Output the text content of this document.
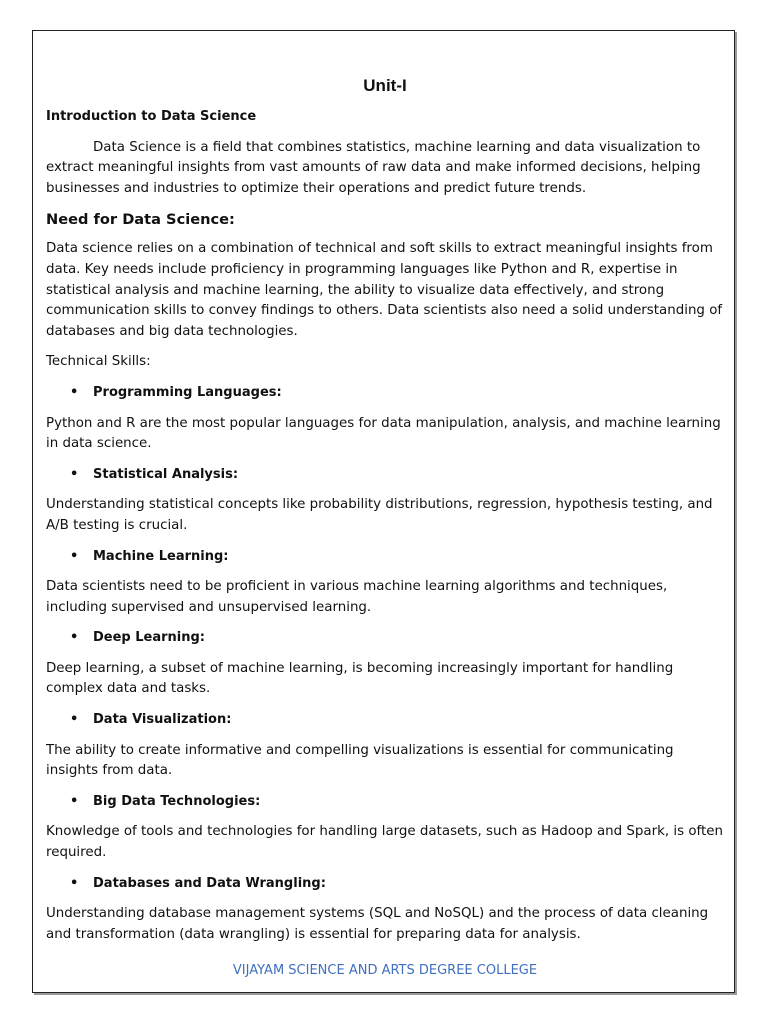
Unit-I
Introduction to Data Science
Data Science is a field that combines statistics, machine learning and data visualization to extract meaningful insights from vast amounts of raw data and make informed decisions, helping businesses and industries to optimize their operations and predict future trends.
Need for Data Science:
Data science relies on a combination of technical and soft skills to extract meaningful insights from data. Key needs include proficiency in programming languages like Python and R, expertise in statistical analysis and machine learning, the ability to visualize data effectively, and strong communication skills to convey findings to others. Data scientists also need a solid understanding of databases and big data technologies.
Technical Skills:
• Programming Languages:
Python and R are the most popular languages for data manipulation, analysis, and machine learning in data science.
• Statistical Analysis:
Understanding statistical concepts like probability distributions, regression, hypothesis testing, and A/B testing is crucial.
• Machine Learning:
Data scientists need to be proficient in various machine learning algorithms and techniques, including supervised and unsupervised learning.
• Deep Learning:
Deep learning, a subset of machine learning, is becoming increasingly important for handling complex data and tasks.
• Data Visualization:
The ability to create informative and compelling visualizations is essential for communicating insights from data.
• Big Data Technologies:
Knowledge of tools and technologies for handling large datasets, such as Hadoop and Spark, is often required.
• Databases and Data Wrangling:
Understanding database management systems (SQL and NoSQL) and the process of data cleaning and transformation (data wrangling) is essential for preparing data for analysis.
VIJAYAM SCIENCE AND ARTS DEGREE COLLEGE
